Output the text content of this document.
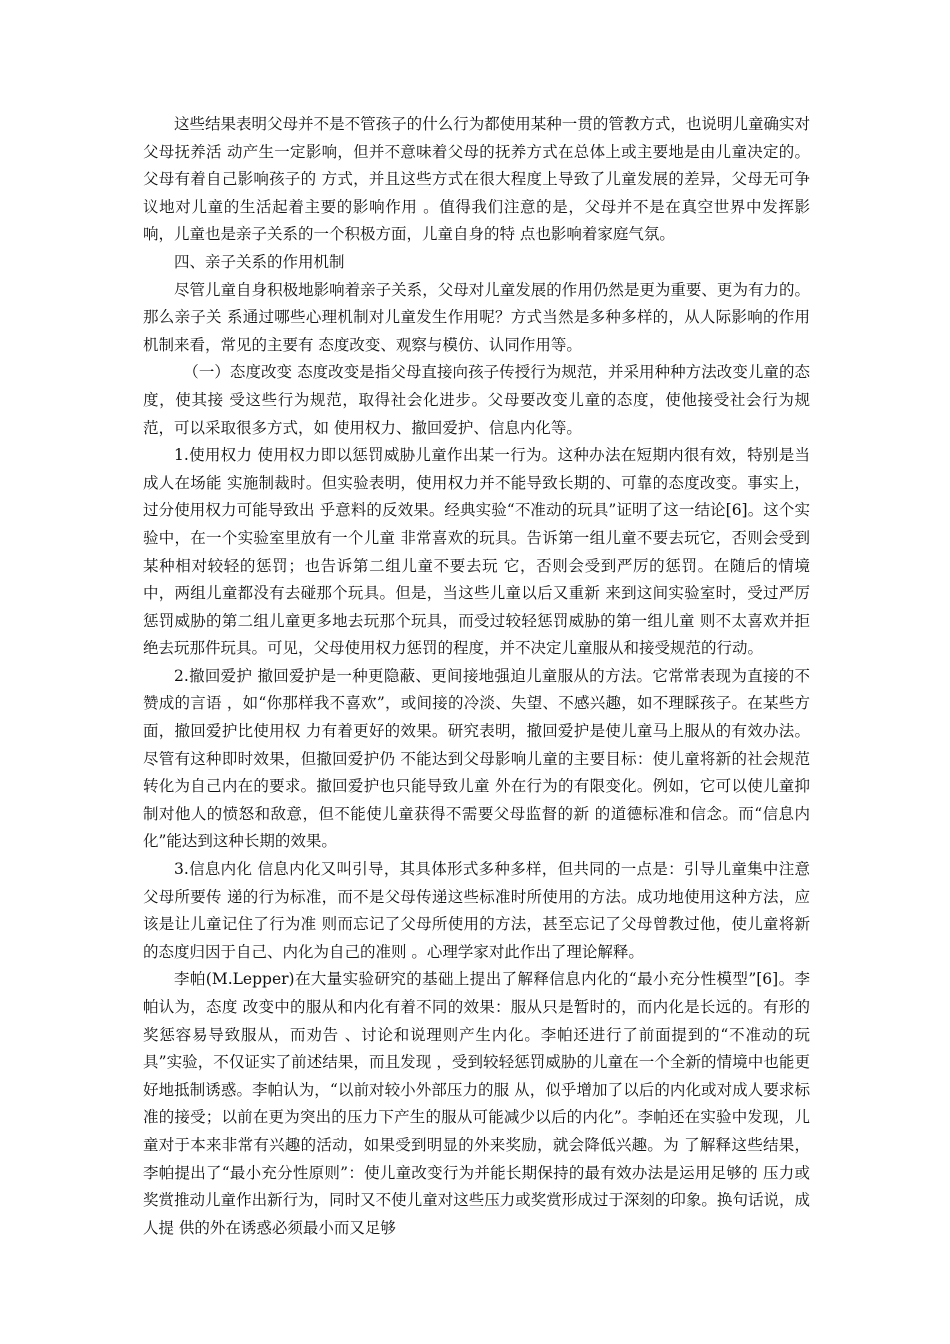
这些结果表明父母并不是不管孩子的什么行为都使用某种一贯的管教方式，也说明儿童确实对父母抚养活 动产生一定影响，但并不意味着父母的抚养方式在总体上或主要地是由儿童决定的。父母有着自己影响孩子的 方式，并且这些方式在很大程度上导致了儿童发展的差异，父母无可争议地对儿童的生活起着主要的影响作用 。值得我们注意的是，父母并不是在真空世界中发挥影响，儿童也是亲子关系的一个积极方面，儿童自身的特 点也影响着家庭气氛。

四、亲子关系的作用机制

尽管儿童自身积极地影响着亲子关系，父母对儿童发展的作用仍然是更为重要、更为有力的。那么亲子关 系通过哪些心理机制对儿童发生作用呢？方式当然是多种多样的，从人际影响的作用机制来看，常见的主要有 态度改变、观察与模仿、认同作用等。

（一）态度改变 态度改变是指父母直接向孩子传授行为规范，并采用种种方法改变儿童的态度，使其接 受这些行为规范，取得社会化进步。父母要改变儿童的态度，使他接受社会行为规范，可以采取很多方式，如 使用权力、撤回爱护、信息内化等。

1.使用权力 使用权力即以惩罚威胁儿童作出某一行为。这种办法在短期内很有效，特别是当成人在场能 实施制裁时。但实验表明，使用权力并不能导致长期的、可靠的态度改变。事实上，过分使用权力可能导致出 乎意料的反效果。经典实验“不准动的玩具”证明了这一结论[6]。这个实验中，在一个实验室里放有一个儿童 非常喜欢的玩具。告诉第一组儿童不要去玩它，否则会受到某种相对较轻的惩罚；也告诉第二组儿童不要去玩 它，否则会受到严厉的惩罚。在随后的情境中，两组儿童都没有去碰那个玩具。但是，当这些儿童以后又重新 来到这间实验室时，受过严厉惩罚威胁的第二组儿童更多地去玩那个玩具，而受过较轻惩罚威胁的第一组儿童 则不太喜欢并拒绝去玩那件玩具。可见，父母使用权力惩罚的程度，并不决定儿童服从和接受规范的行动。

2.撤回爱护 撤回爱护是一种更隐蔽、更间接地强迫儿童服从的方法。它常常表现为直接的不赞成的言语 ，如“你那样我不喜欢”，或间接的冷淡、失望、不感兴趣，如不理睬孩子。在某些方面，撤回爱护比使用权 力有着更好的效果。研究表明，撤回爱护是使儿童马上服从的有效办法。尽管有这种即时效果，但撤回爱护仍 不能达到父母影响儿童的主要目标：使儿童将新的社会规范转化为自己内在的要求。撤回爱护也只能导致儿童 外在行为的有限变化。例如，它可以使儿童抑制对他人的愤怒和敌意，但不能使儿童获得不需要父母监督的新 的道德标准和信念。而“信息内化”能达到这种长期的效果。

3.信息内化 信息内化又叫引导，其具体形式多种多样，但共同的一点是：引导儿童集中注意父母所要传 递的行为标准，而不是父母传递这些标准时所使用的方法。成功地使用这种方法，应该是让儿童记住了行为准 则而忘记了父母所使用的方法，甚至忘记了父母曾教过他，使儿童将新的态度归因于自己、内化为自己的准则 。心理学家对此作出了理论解释。

李帕(M.Lepper)在大量实验研究的基础上提出了解释信息内化的“最小充分性模型”[6]。李帕认为，态度 改变中的服从和内化有着不同的效果：服从只是暂时的，而内化是长远的。有形的奖惩容易导致服从，而劝告 、讨论和说理则产生内化。李帕还进行了前面提到的“不准动的玩具”实验，不仅证实了前述结果，而且发现 ，受到较轻惩罚威胁的儿童在一个全新的情境中也能更好地抵制诱惑。李帕认为，“以前对较小外部压力的服 从，似乎增加了以后的内化或对成人要求标准的接受；以前在更为突出的压力下产生的服从可能减少以后的内化”。李帕还在实验中发现，儿童对于本来非常有兴趣的活动，如果受到明显的外来奖励，就会降低兴趣。为 了解释这些结果，李帕提出了“最小充分性原则”：使儿童改变行为并能长期保持的最有效办法是运用足够的 压力或奖赏推动儿童作出新行为，同时又不使儿童对这些压力或奖赏形成过于深刻的印象。换句话说，成人提 供的外在诱惑必须最小而又足够
